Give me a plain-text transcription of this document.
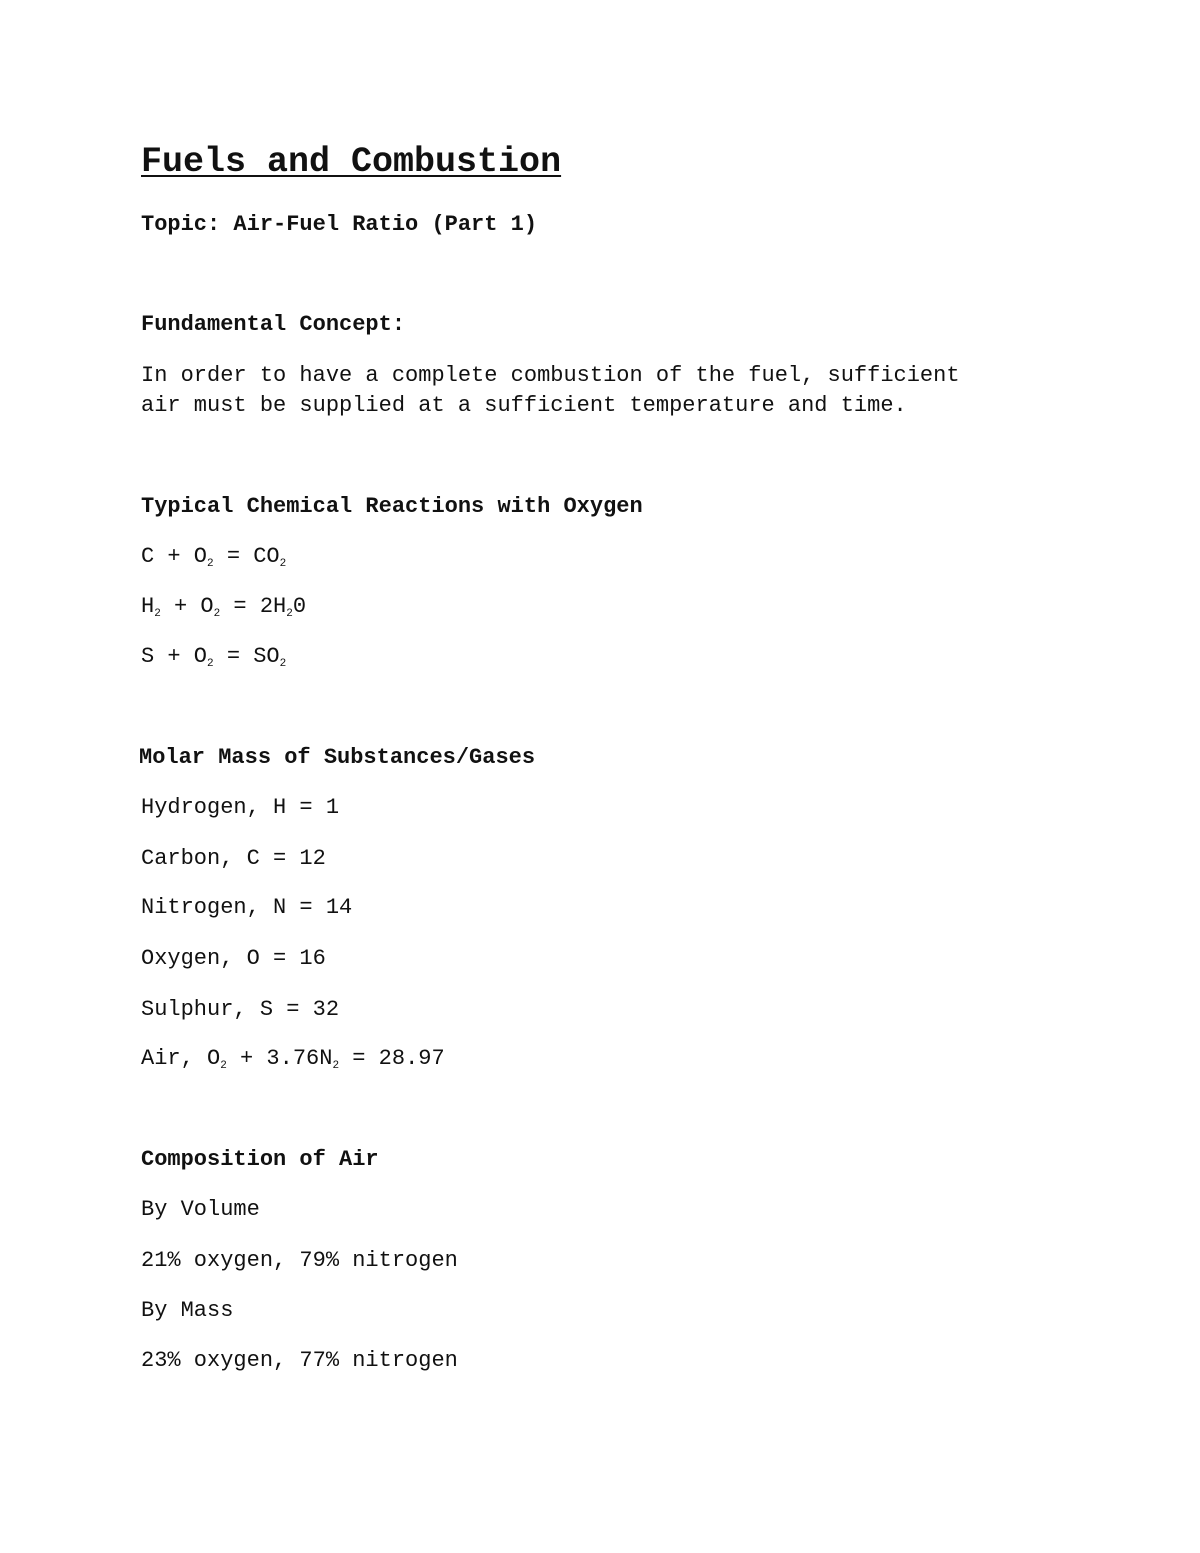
Fuels and Combustion
Topic: Air-Fuel Ratio (Part 1)
Fundamental Concept:
In order to have a complete combustion of the fuel, sufficient
air must be supplied at a sufficient temperature and time.
Typical Chemical Reactions with Oxygen
$C + O_2 = CO_2$
$H_2 + O_2 = 2H_20$
$S + O_2 = SO_2$
Molar Mass of Substances/Gases
Hydrogen, H = 1
Carbon, C = 12
Nitrogen, N = 14
Oxygen, O = 16
Sulphur, S = 32
Air, $O_2 + 3.76N_2 = 28.97$
Composition of Air
By Volume
21% oxygen, 79% nitrogen
By Mass
23% oxygen, 77% nitrogen
